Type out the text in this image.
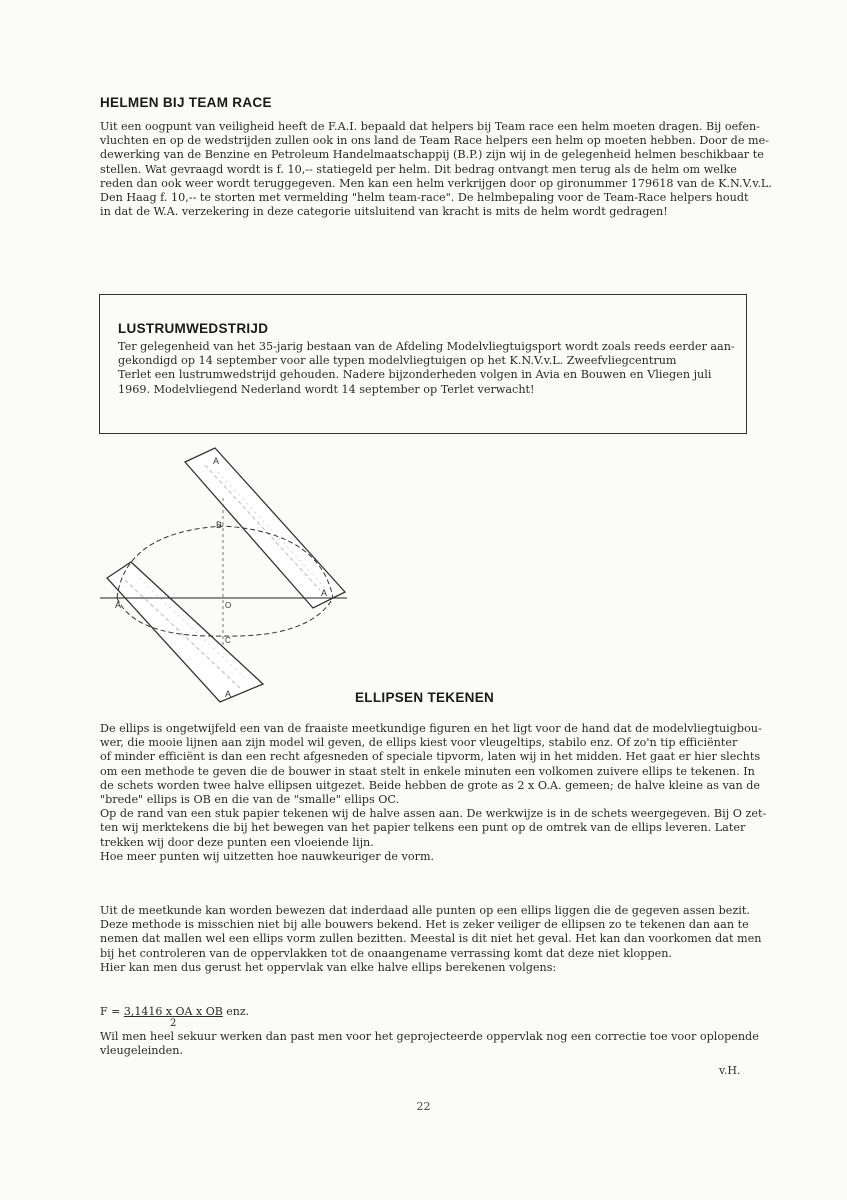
HELMEN BIJ TEAM RACE
Uit een oogpunt van veiligheid heeft de F.A.I. bepaald dat helpers bij Team race een helm moeten dragen. Bij oefen-
vluchten en op de wedstrijden zullen ook in ons land de Team Race helpers een helm op moeten hebben. Door de me-
dewerking van de Benzine en Petroleum Handelmaatschappij (B.P.) zijn wij in de gelegenheid helmen beschikbaar te
stellen. Wat gevraagd wordt is f. 10,-- statiegeld per helm. Dit bedrag ontvangt men terug als de helm om welke
reden dan ook weer wordt teruggegeven. Men kan een helm verkrijgen door op gironummer 179618 van de K.N.V.v.L.
Den Haag f. 10,-- te storten met vermelding "helm team-race". De helmbepaling voor de Team-Race helpers houdt
in dat de W.A. verzekering in deze categorie uitsluitend van kracht is mits de helm wordt gedragen!
LUSTRUMWEDSTRIJD
Ter gelegenheid van het 35-jarig bestaan van de Afdeling Modelvliegtuigsport wordt zoals reeds eerder aan-
gekondigd op 14 september voor alle typen modelvliegtuigen op het K.N.V.v.L. Zweefvliegcentrum
Terlet een lustrumwedstrijd gehouden. Nadere bijzonderheden volgen in Avia en Bouwen en Vliegen juli
1969. Modelvliegend Nederland wordt 14 september op Terlet verwacht!
A
B
A
A	O
C
A	ELLIPSEN TEKENEN
De ellips is ongetwijfeld een van de fraaiste meetkundige figuren en het ligt voor de hand dat de modelvliegtuigbou-
wer, die mooie lijnen aan zijn model wil geven, de ellips kiest voor vleugeltips, stabilo enz. Of zo'n tip efficiënter
of minder efficiënt is dan een recht afgesneden of speciale tipvorm, laten wij in het midden. Het gaat er hier slechts
om een methode te geven die de bouwer in staat stelt in enkele minuten een volkomen zuivere ellips te tekenen. In
de schets worden twee halve ellipsen uitgezet. Beide hebben de grote as 2 x O.A. gemeen; de halve kleine as van de
"brede" ellips is OB en die van de "smalle" ellips OC.
Op de rand van een stuk papier tekenen wij de halve assen aan. De werkwijze is in de schets weergegeven. Bij O zet-
ten wij merktekens die bij het bewegen van het papier telkens een punt op de omtrek van de ellips leveren. Later
trekken wij door deze punten een vloeiende lijn.
Hoe meer punten wij uitzetten hoe nauwkeuriger de vorm.
Uit de meetkunde kan worden bewezen dat inderdaad alle punten op een ellips liggen die de gegeven assen bezit.
Deze methode is misschien niet bij alle bouwers bekend. Het is zeker veiliger de ellipsen zo te tekenen dan aan te
nemen dat mallen wel een ellips vorm zullen bezitten. Meestal is dit niet het geval. Het kan dan voorkomen dat men
bij het controleren van de oppervlakken tot de onaangename verrassing komt dat deze niet kloppen.
Hier kan men dus gerust het oppervlak van elke halve ellips berekenen volgens:

F = 3,1416 x OA x OB enz.

2

Wil men heel sekuur werken dan past men voor het geprojecteerde oppervlak nog een correctie toe voor oplopende
vleugeleinden.

v.H.

22
